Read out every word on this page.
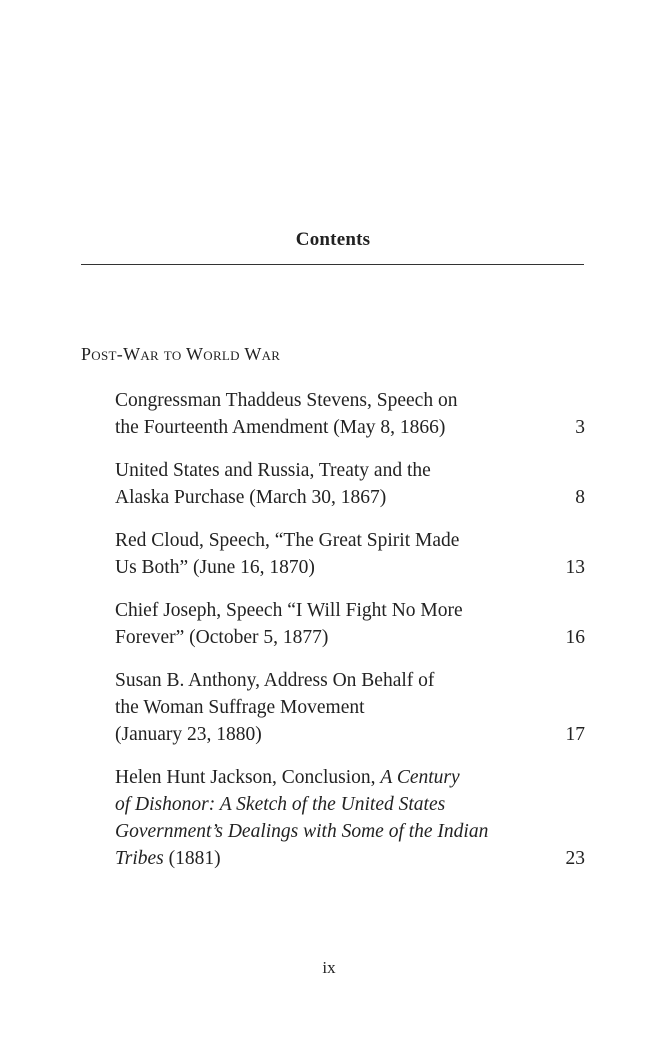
Contents
Post-War to World War
Congressman Thaddeus Stevens, Speech on
the Fourteenth Amendment (May 8, 1866)	3
United States and Russia, Treaty and the
Alaska Purchase (March 30, 1867)	8
Red Cloud, Speech, “The Great Spirit Made
Us Both” (June 16, 1870)	13
Chief Joseph, Speech “I Will Fight No More
Forever” (October 5, 1877)	16
Susan B. Anthony, Address On Behalf of
the Woman Suffrage Movement
(January 23, 1880)	17
Helen Hunt Jackson, Conclusion, A Century
of Dishonor: A Sketch of the United States
Government’s Dealings with Some of the Indian
Tribes (1881)	23
ix
